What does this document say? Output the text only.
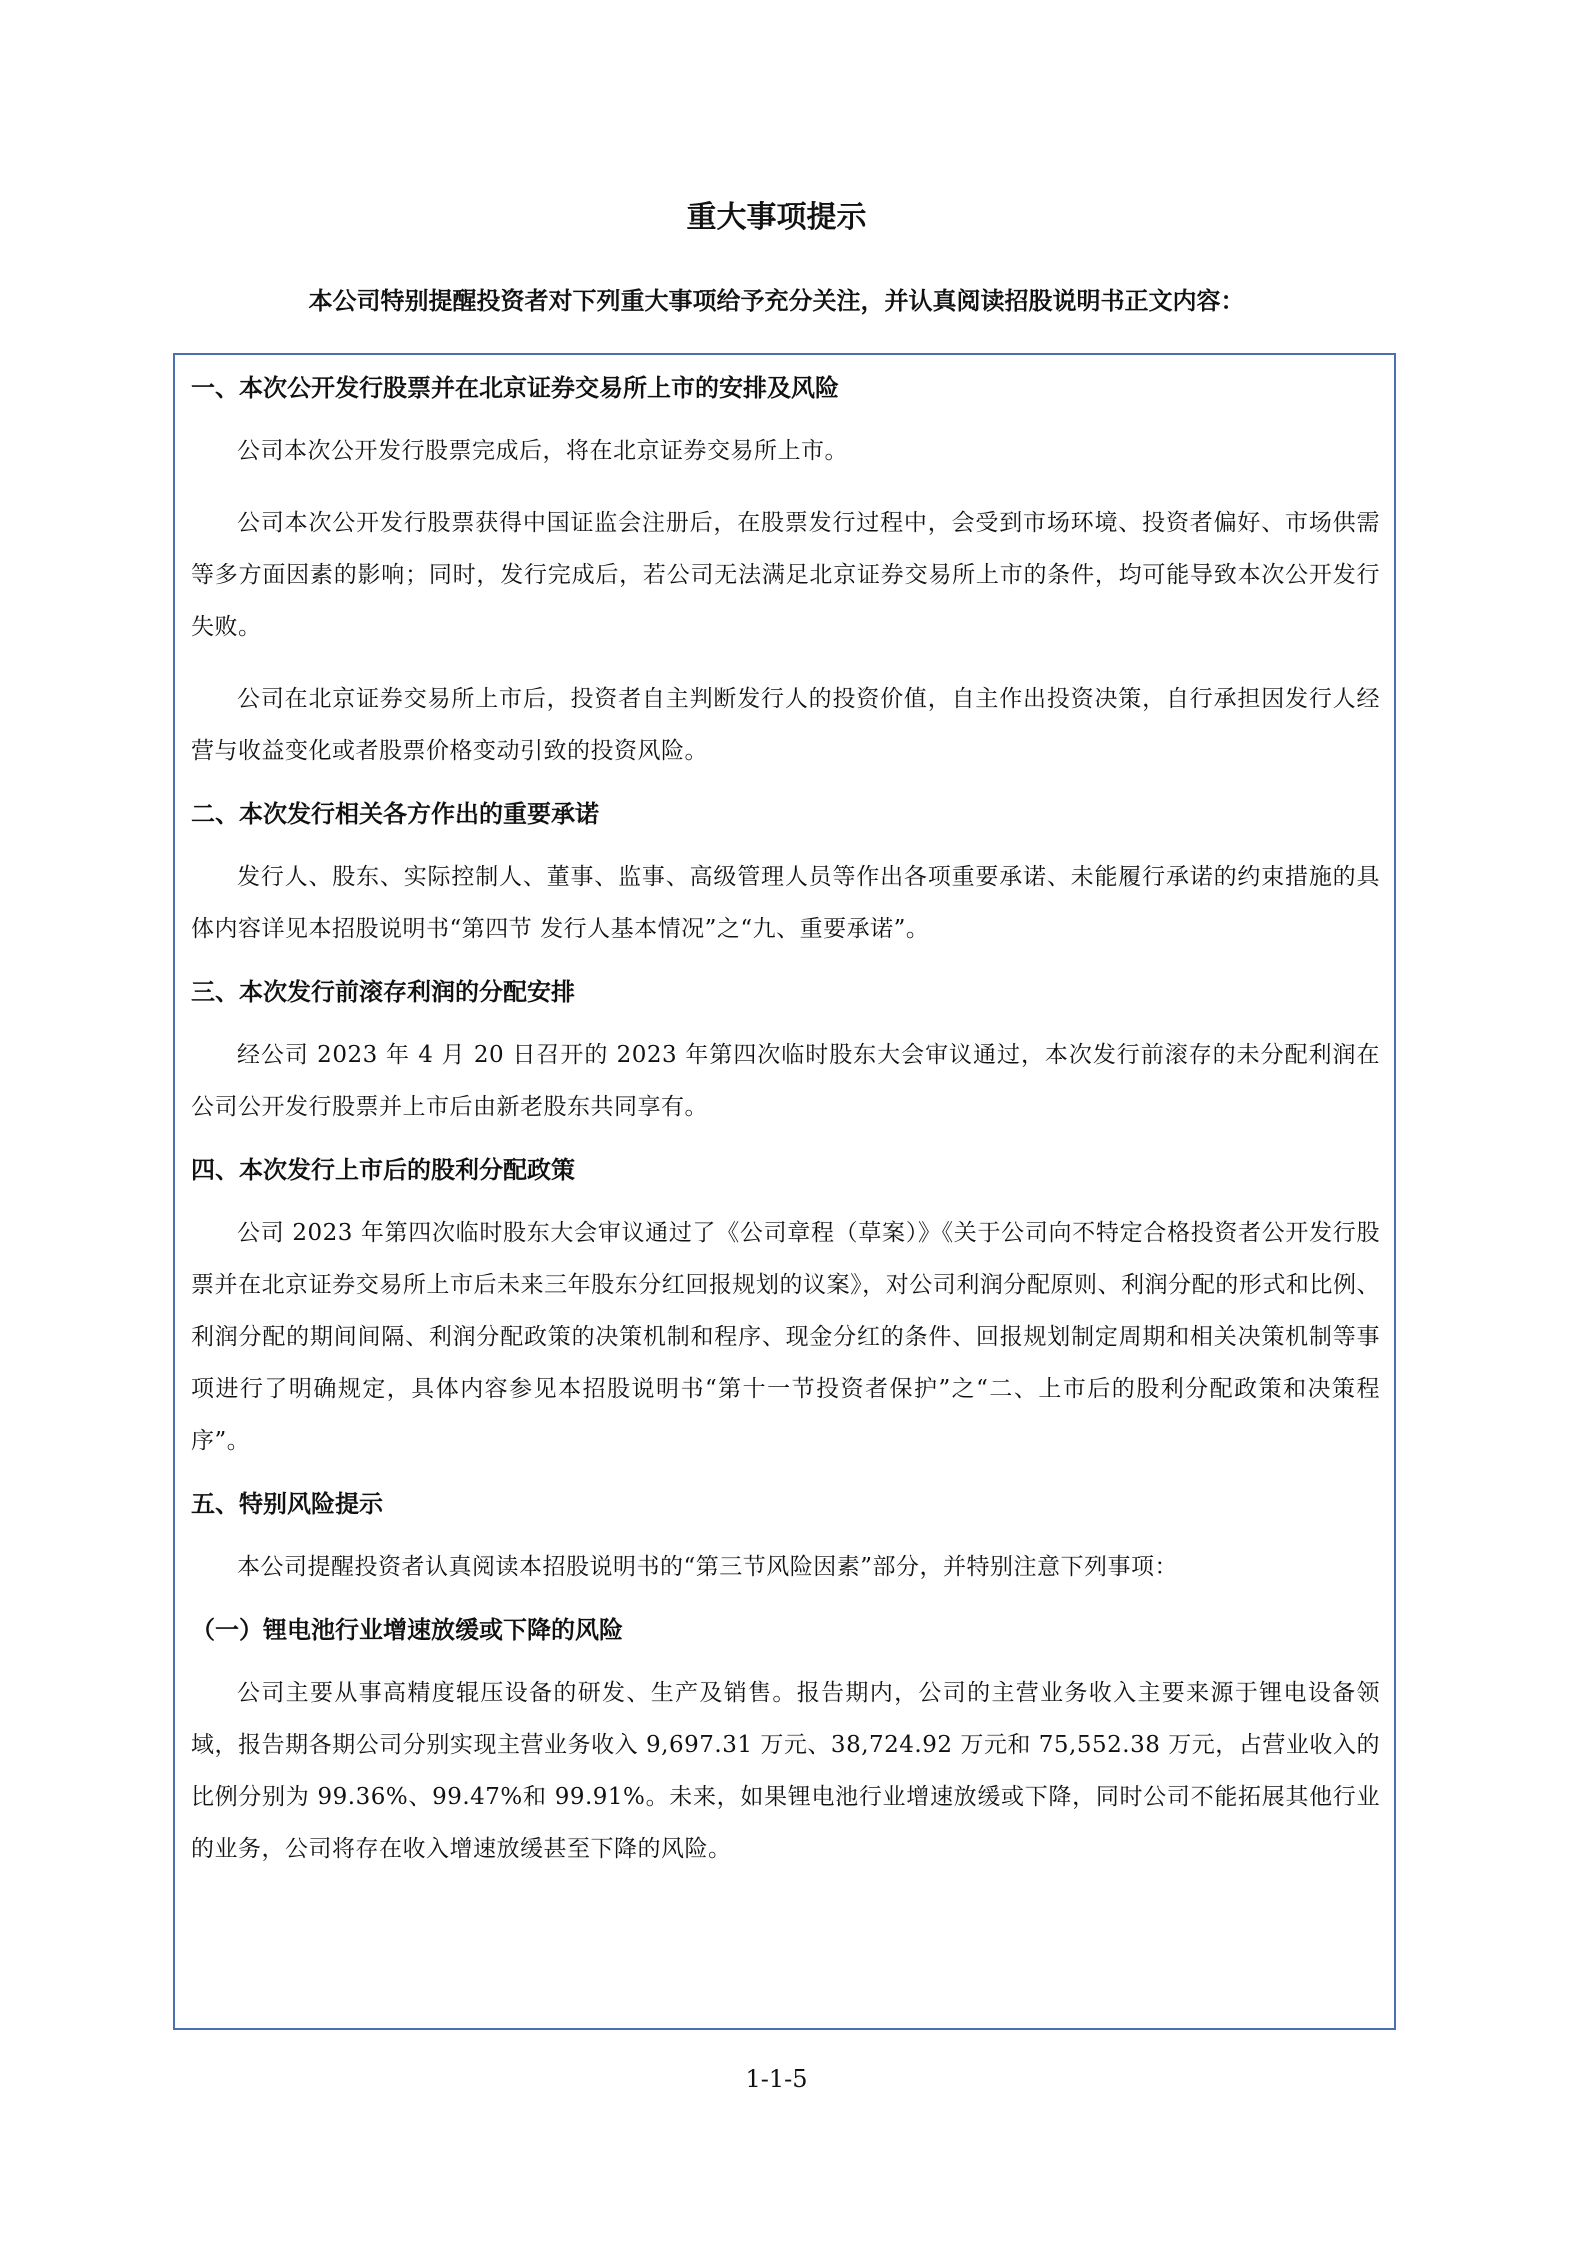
重大事项提示

本公司特别提醒投资者对下列重大事项给予充分关注，并认真阅读招股说明书正文内容：

一、本次公开发行股票并在北京证券交易所上市的安排及风险

公司本次公开发行股票完成后，将在北京证券交易所上市。

公司本次公开发行股票获得中国证监会注册后，在股票发行过程中，会受到市场环境、投资者偏好、市场供需等多方面因素的影响；同时，发行完成后，若公司无法满足北京证券交易所上市的条件，均可能导致本次公开发行失败。

公司在北京证券交易所上市后，投资者自主判断发行人的投资价值，自主作出投资决策，自行承担因发行人经营与收益变化或者股票价格变动引致的投资风险。

二、本次发行相关各方作出的重要承诺

发行人、股东、实际控制人、董事、监事、高级管理人员等作出各项重要承诺、未能履行承诺的约束措施的具体内容详见本招股说明书“第四节 发行人基本情况”之“九、重要承诺”。

三、本次发行前滚存利润的分配安排

经公司 2023 年 4 月 20 日召开的 2023 年第四次临时股东大会审议通过，本次发行前滚存的未分配利润在公司公开发行股票并上市后由新老股东共同享有。

四、本次发行上市后的股利分配政策

公司 2023 年第四次临时股东大会审议通过了《公司章程（草案）》《关于公司向不特定合格投资者公开发行股票并在北京证券交易所上市后未来三年股东分红回报规划的议案》，对公司利润分配原则、利润分配的形式和比例、利润分配的期间间隔、利润分配政策的决策机制和程序、现金分红的条件、回报规划制定周期和相关决策机制等事项进行了明确规定，具体内容参见本招股说明书“第十一节投资者保护”之“二、上市后的股利分配政策和决策程序”。

五、特别风险提示

本公司提醒投资者认真阅读本招股说明书的“第三节风险因素”部分，并特别注意下列事项：

（一）锂电池行业增速放缓或下降的风险

公司主要从事高精度辊压设备的研发、生产及销售。报告期内，公司的主营业务收入主要来源于锂电设备领域，报告期各期公司分别实现主营业务收入 9,697.31 万元、38,724.92 万元和 75,552.38 万元，占营业收入的比例分别为 99.36%、99.47%和 99.91%。未来，如果锂电池行业增速放缓或下降，同时公司不能拓展其他行业的业务，公司将存在收入增速放缓甚至下降的风险。

1-1-5
